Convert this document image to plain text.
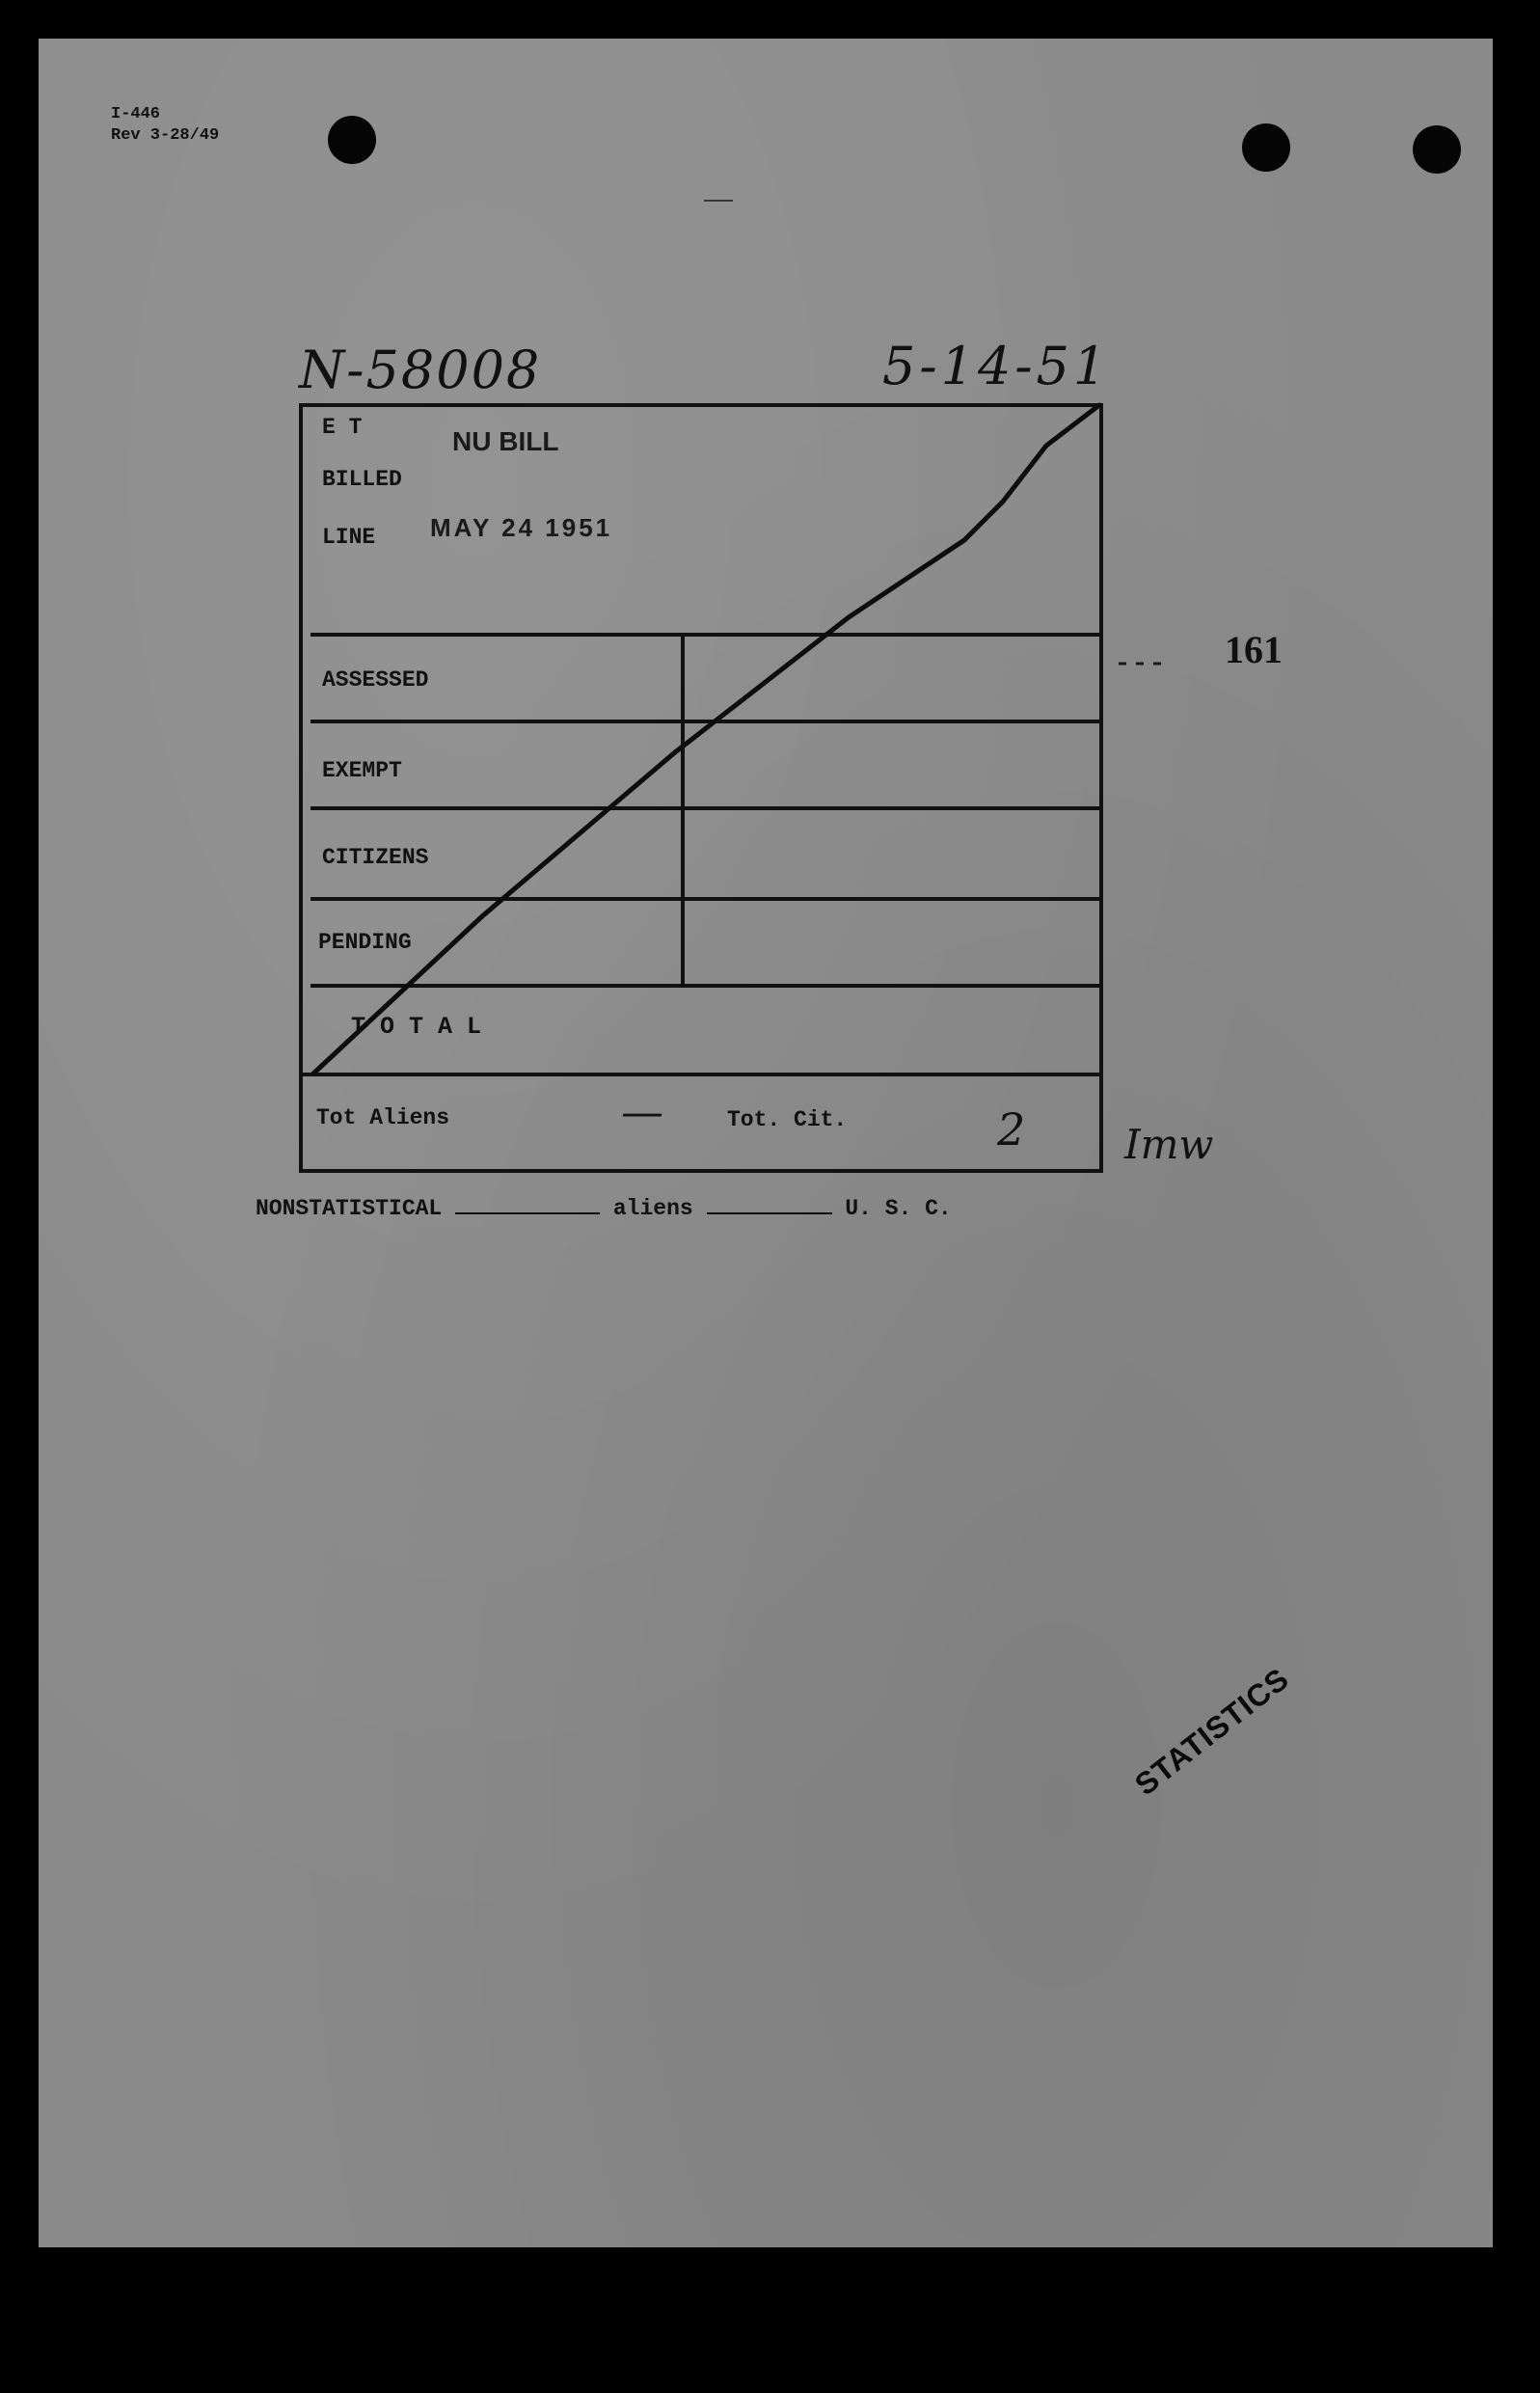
I-446
Rev 3-28/49
N-58008	5-14-51
161
E T
BILLED
LINE
NU BILL
MAY 24 1951
ASSESSED
EXEMPT
CITIZENS
PENDING
T O T A L
Tot Aliens	—	Tot. Cit.	2 Imw
NONSTATISTICAL	aliens	U. S. C.
STATISTICS
